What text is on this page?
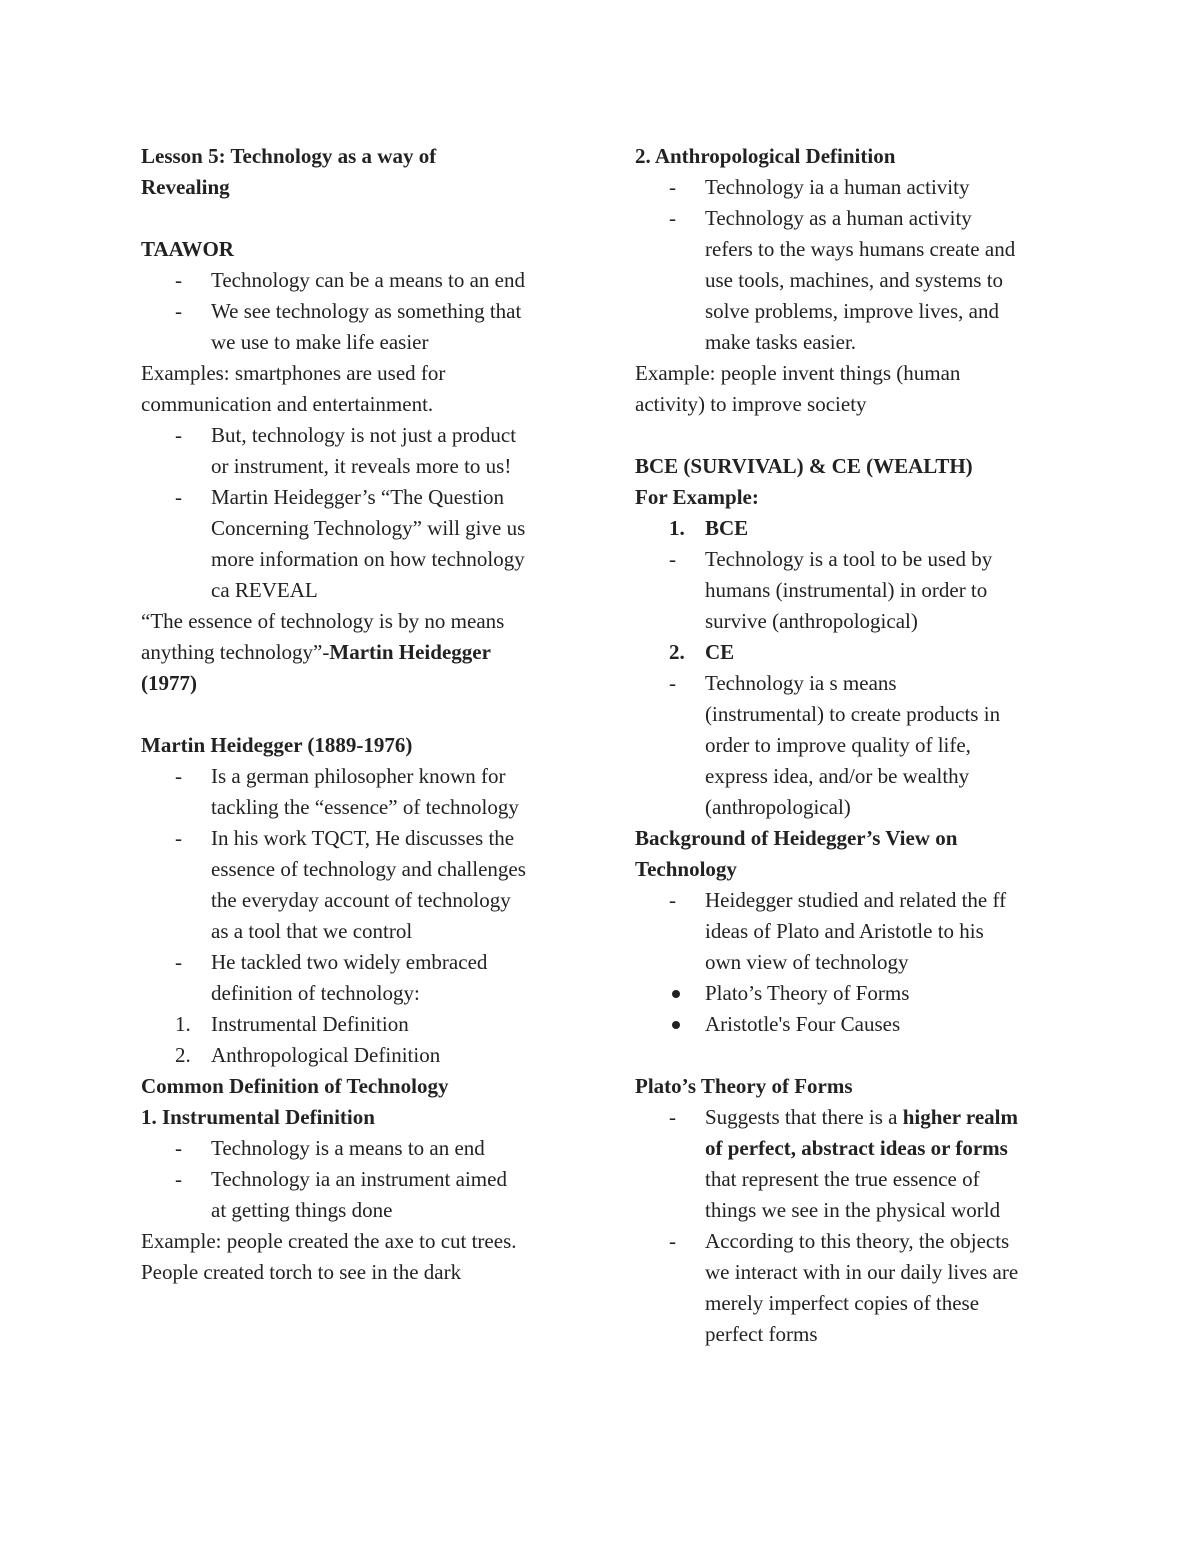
Lesson 5: Technology as a way of
Revealing
TAAWOR
-	Technology can be a means to an end
-	We see technology as something that
we use to make life easier
Examples: smartphones are used for
communication and entertainment.
-	But, technology is not just a product
or instrument, it reveals more to us!
-	Martin Heidegger’s “The Question
Concerning Technology” will give us
more information on how technology
ca REVEAL
“The essence of technology is by no means
anything technology”-Martin Heidegger
(1977)
Martin Heidegger (1889-1976)
-	Is a german philosopher known for
tackling the “essence” of technology
-	In his work TQCT, He discusses the
essence of technology and challenges
the everyday account of technology
as a tool that we control
-	He tackled two widely embraced
definition of technology:
1. Instrumental Definition
2. Anthropological Definition
Common Definition of Technology
1. Instrumental Definition
-	Technology is a means to an end
-	Technology ia an instrument aimed
at getting things done
Example: people created the axe to cut trees.
People created torch to see in the dark
2. Anthropological Definition
-	Technology ia a human activity
-	Technology as a human activity
refers to the ways humans create and
use tools, machines, and systems to
solve problems, improve lives, and
make tasks easier.
Example: people invent things (human
activity) to improve society
BCE (SURVIVAL) & CE (WEALTH)
For Example:
1. BCE
-	Technology is a tool to be used by
humans (instrumental) in order to
survive (anthropological)
2. CE
-	Technology ia s means
(instrumental) to create products in
order to improve quality of life,
express idea, and/or be wealthy
(anthropological)
Background of Heidegger’s View on
Technology
-	Heidegger studied and related the ff
ideas of Plato and Aristotle to his
own view of technology
Plato’s Theory of Forms
Aristotle's Four Causes
Plato’s Theory of Forms
-	Suggests that there is a higher realm
of perfect, abstract ideas or forms
that represent the true essence of
things we see in the physical world
-	According to this theory, the objects
we interact with in our daily lives are
merely imperfect copies of these
perfect forms
